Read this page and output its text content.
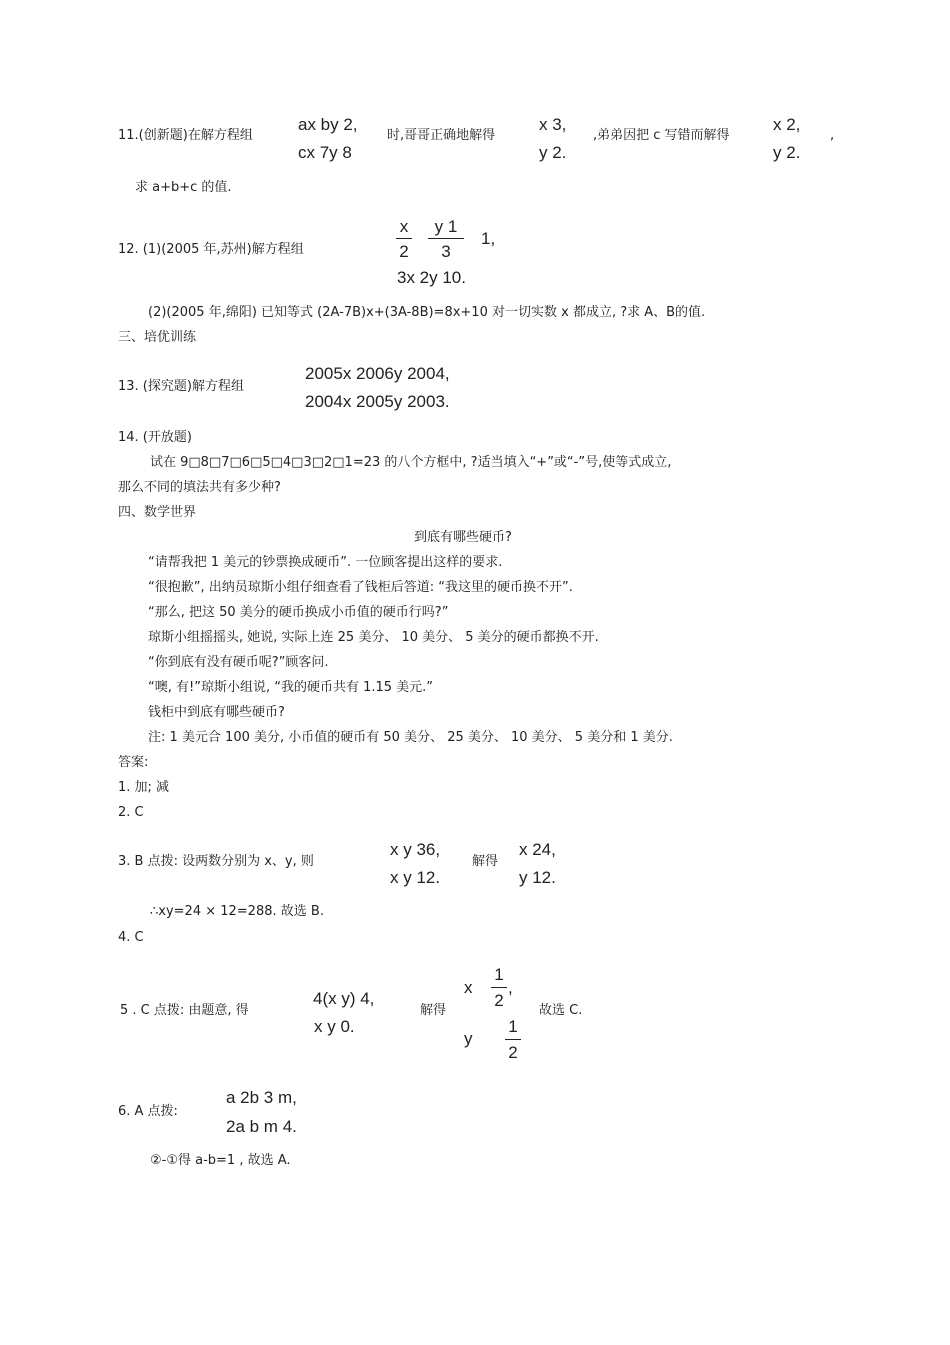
11.(创新题)在解方程组
ax by 2,
cx 7y 8
时,哥哥正确地解得
x 3,
y 2.
,弟弟因把 c 写错而解得
x 2,
y 2.
,
求 a+b+c 的值.
12. (1)(2005 年,苏州)解方程组
x
2
y 1
3
1,
3x 2y 10.
(2)(2005 年,绵阳) 已知等式 (2A-7B)x+(3A-8B)=8x+10 对一切实数 x 都成立, ?求 A、B的值.
三、培优训练
13. (探究题)解方程组
2005x 2006y 2004,
2004x 2005y 2003.
14. (开放题)
试在 9□8□7□6□5□4□3□2□1=23 的八个方框中, ?适当填入“+”或“-”号,使等式成立,
那么不同的填法共有多少种?
四、数学世界
到底有哪些硬币?
“请帮我把 1 美元的钞票换成硬币”. 一位顾客提出这样的要求.
“很抱歉”, 出纳员琼斯小组仔细查看了钱柜后答道: “我这里的硬币换不开”.
“那么, 把这 50 美分的硬币换成小币值的硬币行吗?”
琼斯小组摇摇头, 她说, 实际上连 25 美分、 10 美分、 5 美分的硬币都换不开.
“你到底有没有硬币呢?”顾客问.
“噢, 有!”琼斯小组说, “我的硬币共有 1.15 美元.”
钱柜中到底有哪些硬币?
注: 1 美元合 100 美分, 小币值的硬币有 50 美分、 25 美分、 10 美分、 5 美分和 1 美分.
答案:
1. 加; 减
2. C
3. B 点拨: 设两数分别为 x、y, 则
x y 36,
x y 12.
解得
x 24,
y 12.
∴xy=24 × 12=288. 故选 B.
4. C
5 . C 点拨: 由题意, 得
4(x y) 4,
x y 0.
解得
x
1
2
,
y
1
2
故选 C.
6. A 点拨:
a 2b 3 m,
2a b m 4.
②-①得 a-b=1 , 故选 A.
